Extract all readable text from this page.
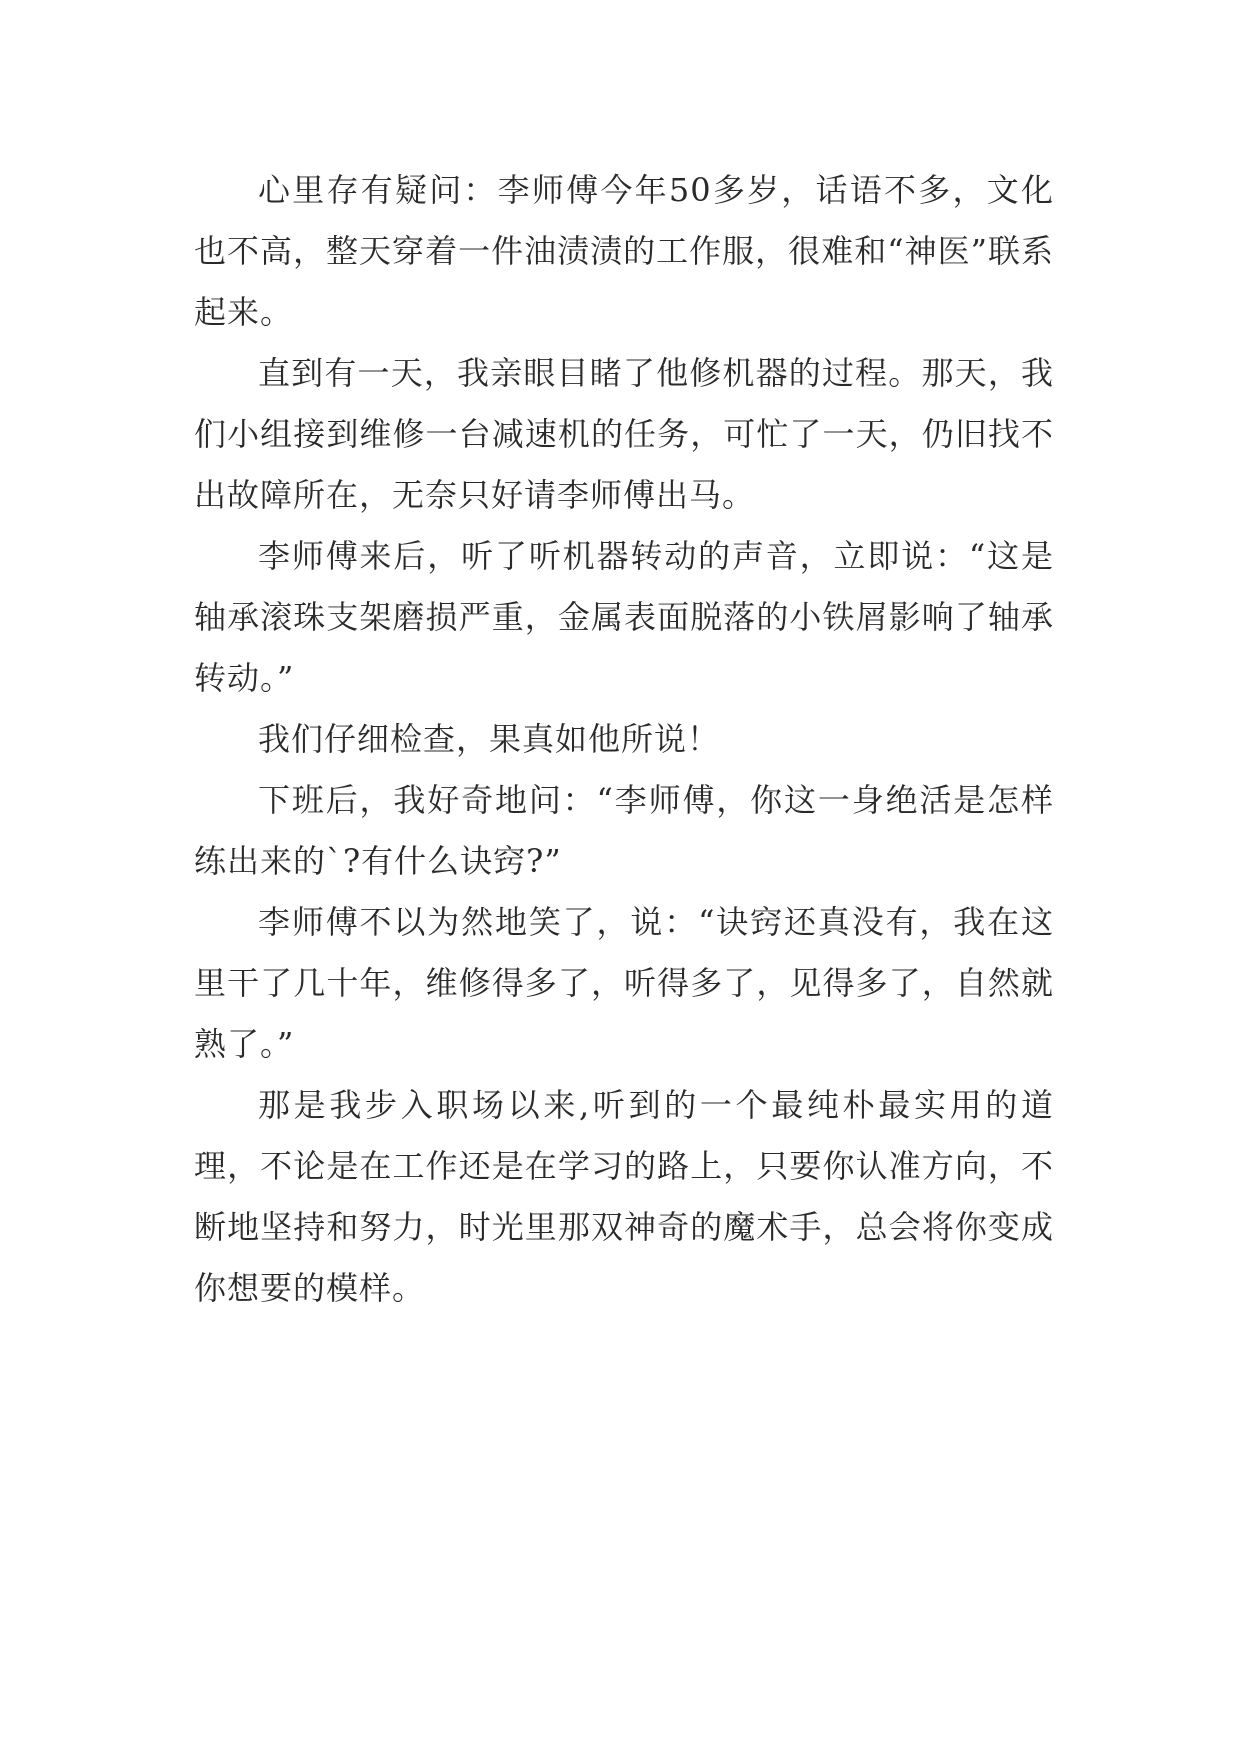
心里存有疑问：李师傅今年50多岁，话语不多，文化也不高，整天穿着一件油渍渍的工作服，很难和“神医”联系起来。

直到有一天，我亲眼目睹了他修机器的过程。那天，我们小组接到维修一台减速机的任务，可忙了一天，仍旧找不出故障所在，无奈只好请李师傅出马。

李师傅来后，听了听机器转动的声音，立即说：“这是轴承滚珠支架磨损严重，金属表面脱落的小铁屑影响了轴承转动。”

我们仔细检查，果真如他所说！

下班后，我好奇地问：“李师傅，你这一身绝活是怎样练出来的`?有什么诀窍?”

李师傅不以为然地笑了，说：“诀窍还真没有，我在这里干了几十年，维修得多了，听得多了，见得多了，自然就熟了。”

那是我步入职场以来,听到的一个最纯朴最实用的道理，不论是在工作还是在学习的路上，只要你认准方向，不断地坚持和努力，时光里那双神奇的魔术手，总会将你变成你想要的模样。
